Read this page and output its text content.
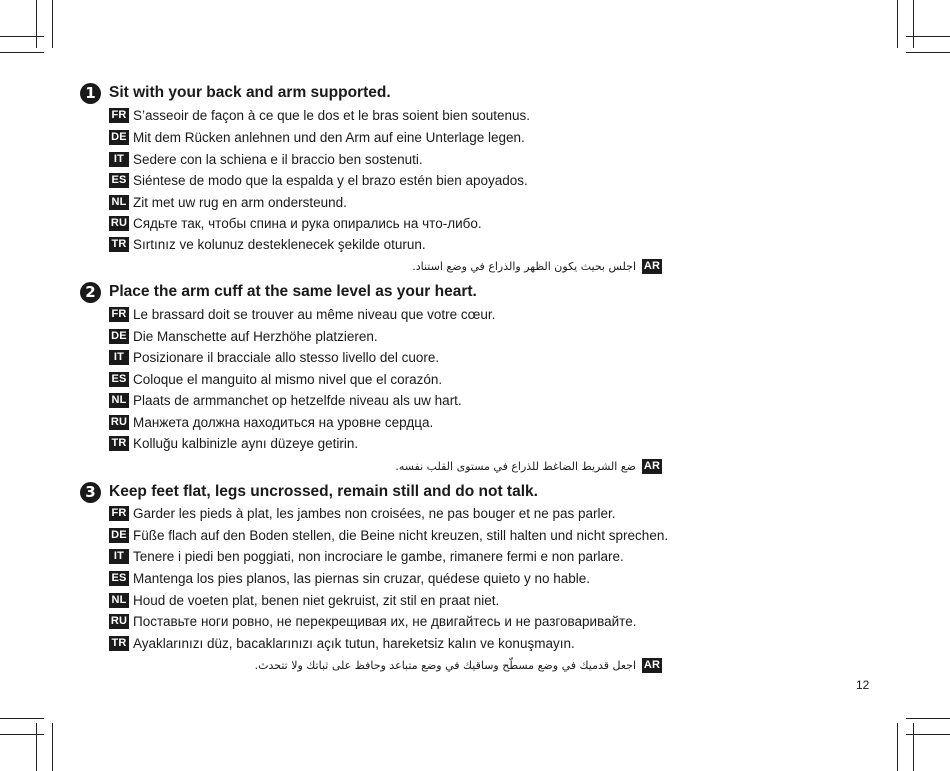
1 Sit with your back and arm supported.
FR S’asseoir de façon à ce que le dos et le bras soient bien soutenus.
DE Mit dem Rücken anlehnen und den Arm auf eine Unterlage legen.
IT Sedere con la schiena e il braccio ben sostenuti.
ES Siéntese de modo que la espalda y el brazo estén bien apoyados.
NL Zit met uw rug en arm ondersteund.
RU Сядьте так, чтобы спина и рука опирались на что-либо.
TR Sırtınız ve kolunuz desteklenecek şekilde oturun.
اجلس بحيث يكون الظهر والذراع في وضع استناد. AR
2 Place the arm cuff at the same level as your heart.
FR Le brassard doit se trouver au même niveau que votre cœur.
DE Die Manschette auf Herzhöhe platzieren.
IT Posizionare il bracciale allo stesso livello del cuore.
ES Coloque el manguito al mismo nivel que el corazón.
NL Plaats de armmanchet op hetzelfde niveau als uw hart.
RU Манжета должна находиться на уровне сердца.
TR Kolluğu kalbinizle aynı düzeye getirin.
ضع الشريط الضاغط للذراع في مستوى القلب نفسه. AR
3 Keep feet flat, legs uncrossed, remain still and do not talk.
FR Garder les pieds à plat, les jambes non croisées, ne pas bouger et ne pas parler.
DE Füße flach auf den Boden stellen, die Beine nicht kreuzen, still halten und nicht sprechen.
IT Tenere i piedi ben poggiati, non incrociare le gambe, rimanere fermi e non parlare.
ES Mantenga los pies planos, las piernas sin cruzar, quédese quieto y no hable.
NL Houd de voeten plat, benen niet gekruist, zit stil en praat niet.
RU Поставьте ноги ровно, не перекрещивая их, не двигайтесь и не разговаривайте.
TR Ayaklarınızı düz, bacaklarınızı açık tutun, hareketsiz kalın ve konuşmayın.
اجعل قدميك في وضع مسطّح وساقيك في وضع متباعد وحافظ على ثباتك ولا تتحدث. AR
12
